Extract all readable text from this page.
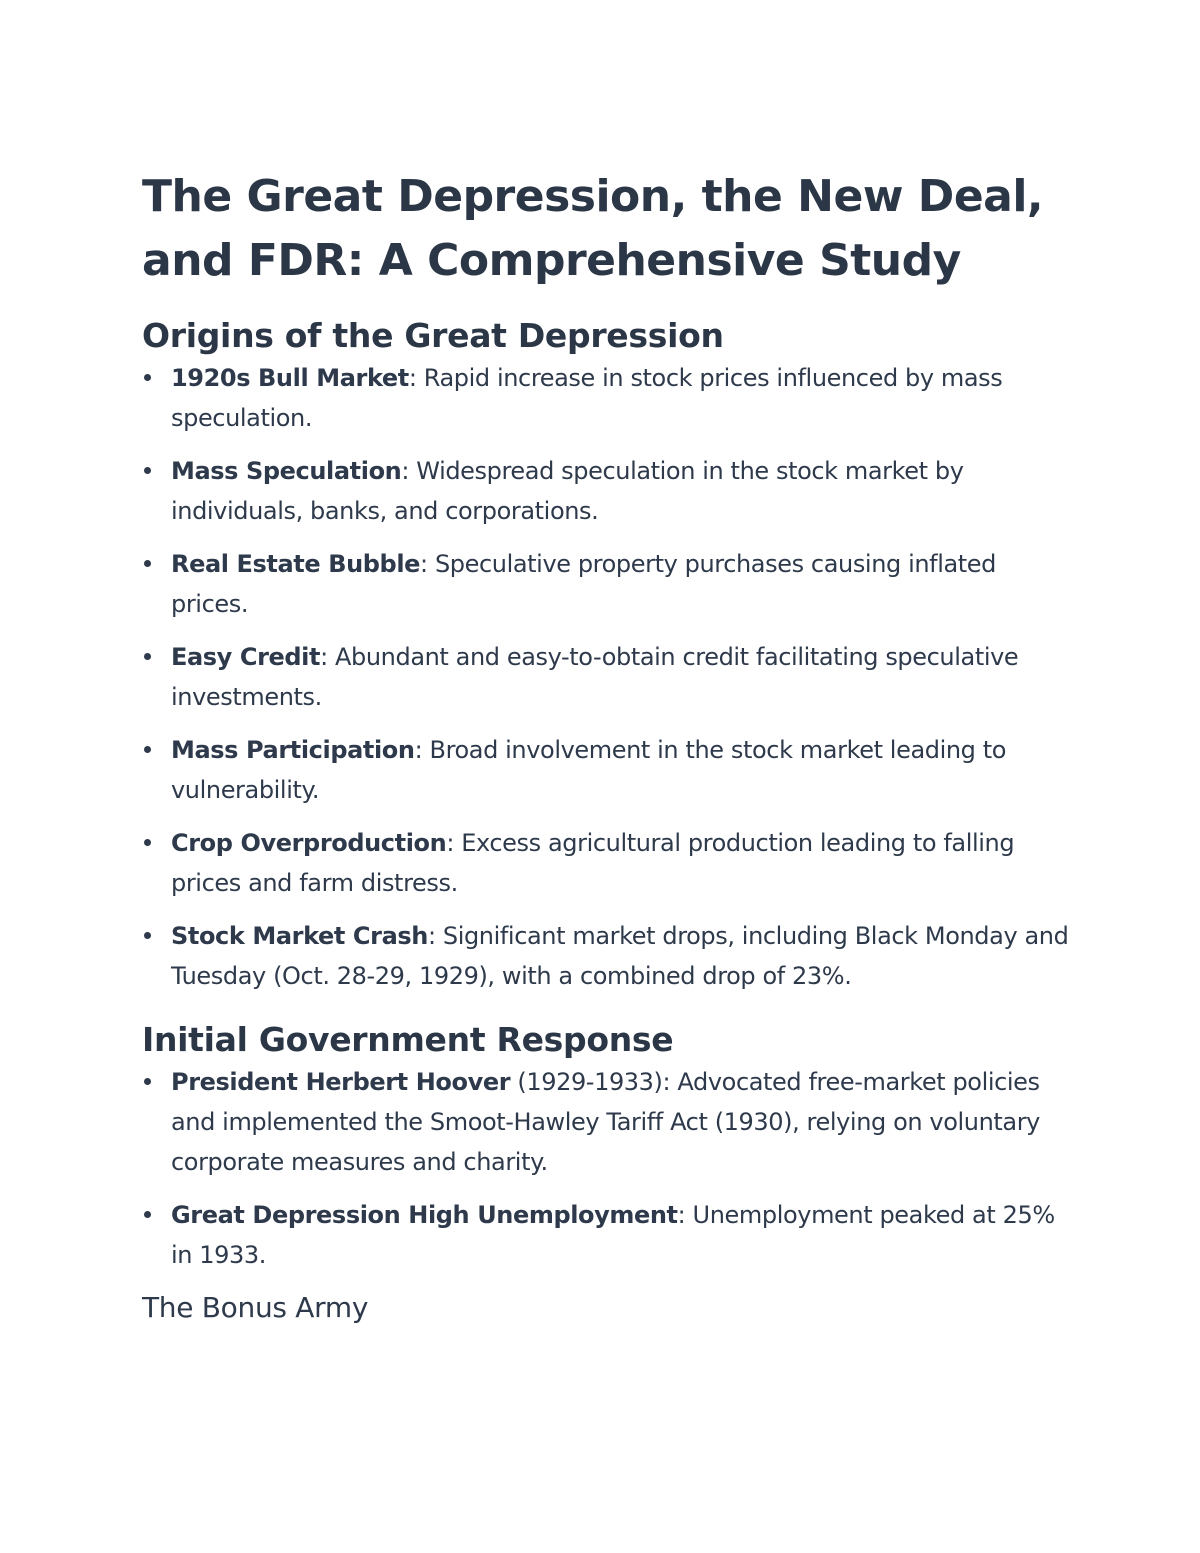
The Great Depression, the New Deal, and FDR: A Comprehensive Study
Origins of the Great Depression
1920s Bull Market: Rapid increase in stock prices influenced by mass speculation.
Mass Speculation: Widespread speculation in the stock market by individuals, banks, and corporations.
Real Estate Bubble: Speculative property purchases causing inflated prices.
Easy Credit: Abundant and easy-to-obtain credit facilitating speculative investments.
Mass Participation: Broad involvement in the stock market leading to vulnerability.
Crop Overproduction: Excess agricultural production leading to falling prices and farm distress.
Stock Market Crash: Significant market drops, including Black Monday and Tuesday (Oct. 28-29, 1929), with a combined drop of 23%.
Initial Government Response
President Herbert Hoover (1929-1933): Advocated free-market policies and implemented the Smoot-Hawley Tariff Act (1930), relying on voluntary corporate measures and charity.
Great Depression High Unemployment: Unemployment peaked at 25% in 1933.
The Bonus Army
